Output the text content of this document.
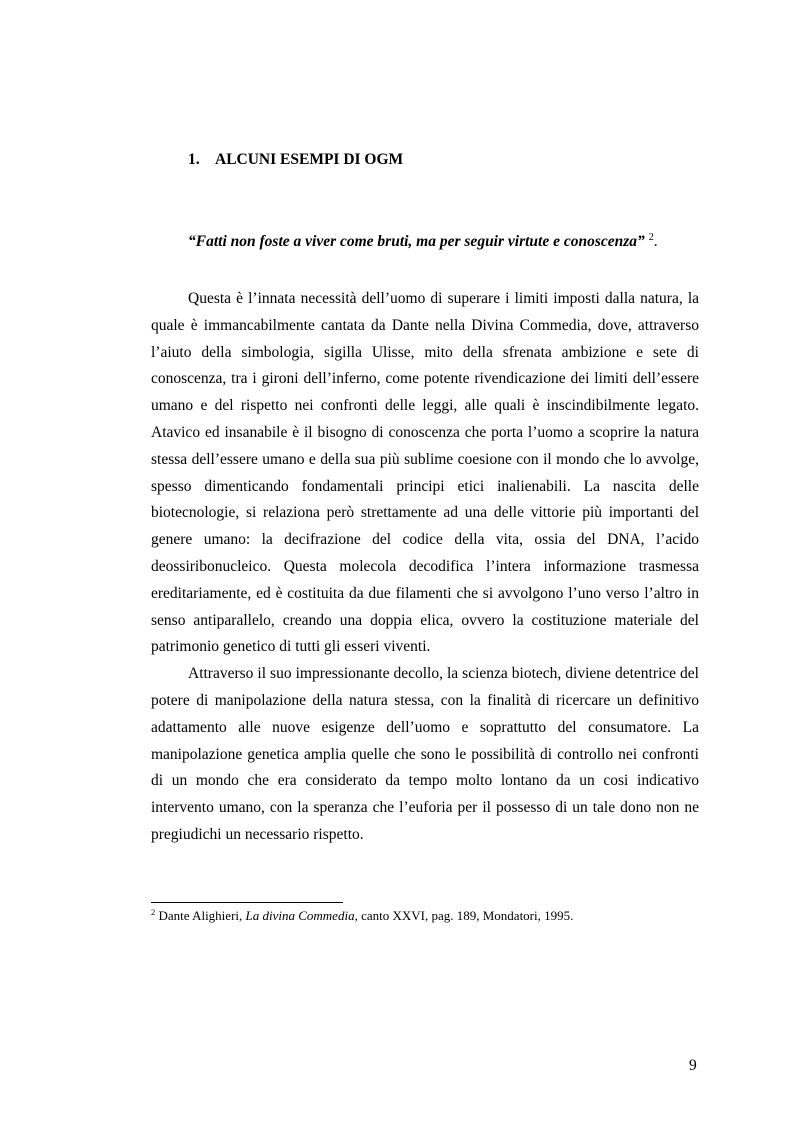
1. ALCUNI ESEMPI DI OGM
“Fatti non foste a viver come bruti, ma per seguir virtute e conoscenza” $^2$.

Questa è l’innata necessità dell’uomo di superare i limiti imposti dalla natura, la quale è immancabilmente cantata da Dante nella Divina Commedia, dove, attraverso l’aiuto della simbologia, sigilla Ulisse, mito della sfrenata ambizione e sete di conoscenza, tra i gironi dell’inferno, come potente rivendicazione dei limiti dell’essere umano e del rispetto nei confronti delle leggi, alle quali è inscindibilmente legato. Atavico ed insanabile è il bisogno di conoscenza che porta l’uomo a scoprire la natura stessa dell’essere umano e della sua più sublime coesione con il mondo che lo avvolge, spesso dimenticando fondamentali principi etici inalienabili. La nascita delle biotecnologie, si relaziona però strettamente ad una delle vittorie più importanti del genere umano: la decifrazione del codice della vita, ossia del DNA, l’acido deossiribonucleico. Questa molecola decodifica l’intera informazione trasmessa ereditariamente, ed è costituita da due filamenti che si avvolgono l’uno verso l’altro in senso antiparallelo, creando una doppia elica, ovvero la costituzione materiale del patrimonio genetico di tutti gli esseri viventi.

Attraverso il suo impressionante decollo, la scienza biotech, diviene detentrice del potere di manipolazione della natura stessa, con la finalità di ricercare un definitivo adattamento alle nuove esigenze dell’uomo e soprattutto del consumatore. La manipolazione genetica amplia quelle che sono le possibilità di controllo nei confronti di un mondo che era considerato da tempo molto lontano da un cosi indicativo intervento umano, con la speranza che l’euforia per il possesso di un tale dono non ne pregiudichi un necessario rispetto.

$^2$ Dante Alighieri, La divina Commedia, canto XXVI, pag. 189, Mondatori, 1995.
9
